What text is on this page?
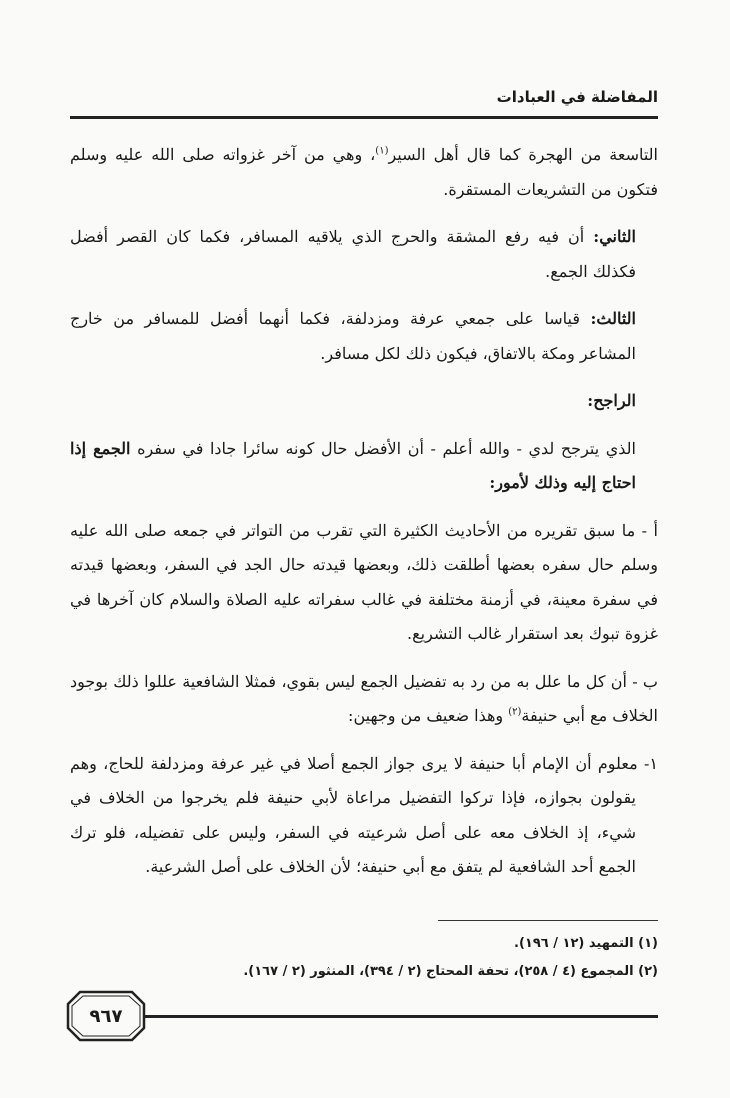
المفاضلة في العبادات

التاسعة من الهجرة كما قال أهل السير$^{(١)}$، وهي من آخر غزواته صلى الله عليه وسلم فتكون من التشريعات المستقرة.

الثاني: أن فيه رفع المشقة والحرج الذي يلاقيه المسافر، فكما كان القصر أفضل فكذلك الجمع.

الثالث: قياسا على جمعي عرفة ومزدلفة، فكما أنهما أفضل للمسافر من خارج المشاعر ومكة بالاتفاق، فيكون ذلك لكل مسافر.

الراجح:

الذي يترجح لدي - والله أعلم - أن الأفضل حال كونه سائرا جادا في سفره الجمع إذا احتاج إليه وذلك لأمور:

أ - ما سبق تقريره من الأحاديث الكثيرة التي تقرب من التواتر في جمعه صلى الله عليه وسلم حال سفره بعضها أطلقت ذلك، وبعضها قيدته حال الجد في السفر، وبعضها قيدته في سفرة معينة، في أزمنة مختلفة في غالب سفراته عليه الصلاة والسلام كان آخرها في غزوة تبوك بعد استقرار غالب التشريع.

ب - أن كل ما علل به من رد به تفضيل الجمع ليس بقوي، فمثلا الشافعية عللوا ذلك بوجود الخلاف مع أبي حنيفة$^{(٢)}$ وهذا ضعيف من وجهين:

١- معلوم أن الإمام أبا حنيفة لا يرى جواز الجمع أصلا في غير عرفة ومزدلفة للحاج، وهم يقولون بجوازه، فإذا تركوا التفضيل مراعاة لأبي حنيفة فلم يخرجوا من الخلاف في شيء، إذ الخلاف معه على أصل شرعيته في السفر، وليس على تفضيله، فلو ترك الجمع أحد الشافعية لم يتفق مع أبي حنيفة؛ لأن الخلاف على أصل الشرعية.

(١) التمهيد (١٢ / ١٩٦).
(٢) المجموع (٤ / ٢٥٨)، تحفة المحتاج (٢ / ٣٩٤)، المنثور (٢ / ١٦٧).
٩٦٧
